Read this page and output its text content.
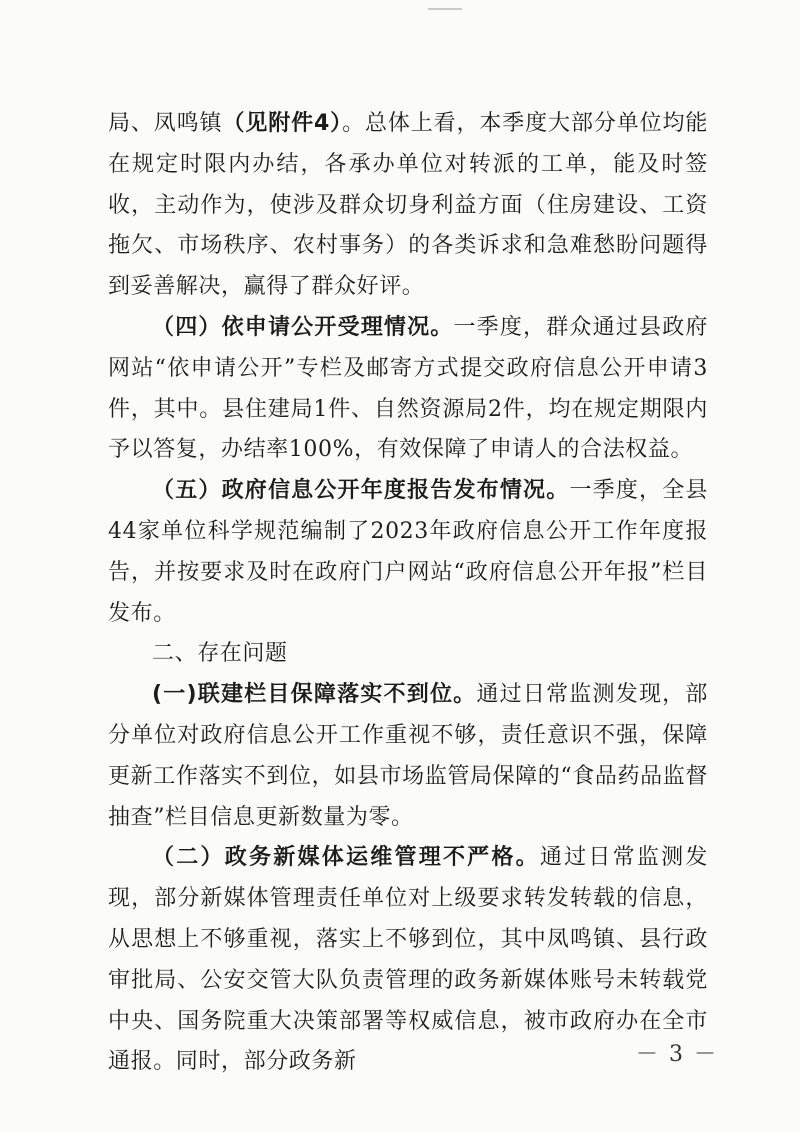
局、凤鸣镇（见附件4）。总体上看，本季度大部分单位均能在规定时限内办结，各承办单位对转派的工单，能及时签收，主动作为，使涉及群众切身利益方面（住房建设、工资拖欠、市场秩序、农村事务）的各类诉求和急难愁盼问题得到妥善解决，赢得了群众好评。

（四）依申请公开受理情况。一季度，群众通过县政府网站“依申请公开”专栏及邮寄方式提交政府信息公开申请3件，其中。县住建局1件、自然资源局2件，均在规定期限内予以答复，办结率100%，有效保障了申请人的合法权益。

（五）政府信息公开年度报告发布情况。一季度，全县44家单位科学规范编制了2023年政府信息公开工作年度报告，并按要求及时在政府门户网站“政府信息公开年报”栏目发布。

二、存在问题

(一)联建栏目保障落实不到位。通过日常监测发现，部分单位对政府信息公开工作重视不够，责任意识不强，保障更新工作落实不到位，如县市场监管局保障的“食品药品监督抽查”栏目信息更新数量为零。

（二）政务新媒体运维管理不严格。通过日常监测发现，部分新媒体管理责任单位对上级要求转发转载的信息，从思想上不够重视，落实上不够到位，其中凤鸣镇、县行政审批局、公安交管大队负责管理的政务新媒体账号未转载党中央、国务院重大决策部署等权威信息，被市政府办在全市通报。同时，部分政务新	－ 3 －
